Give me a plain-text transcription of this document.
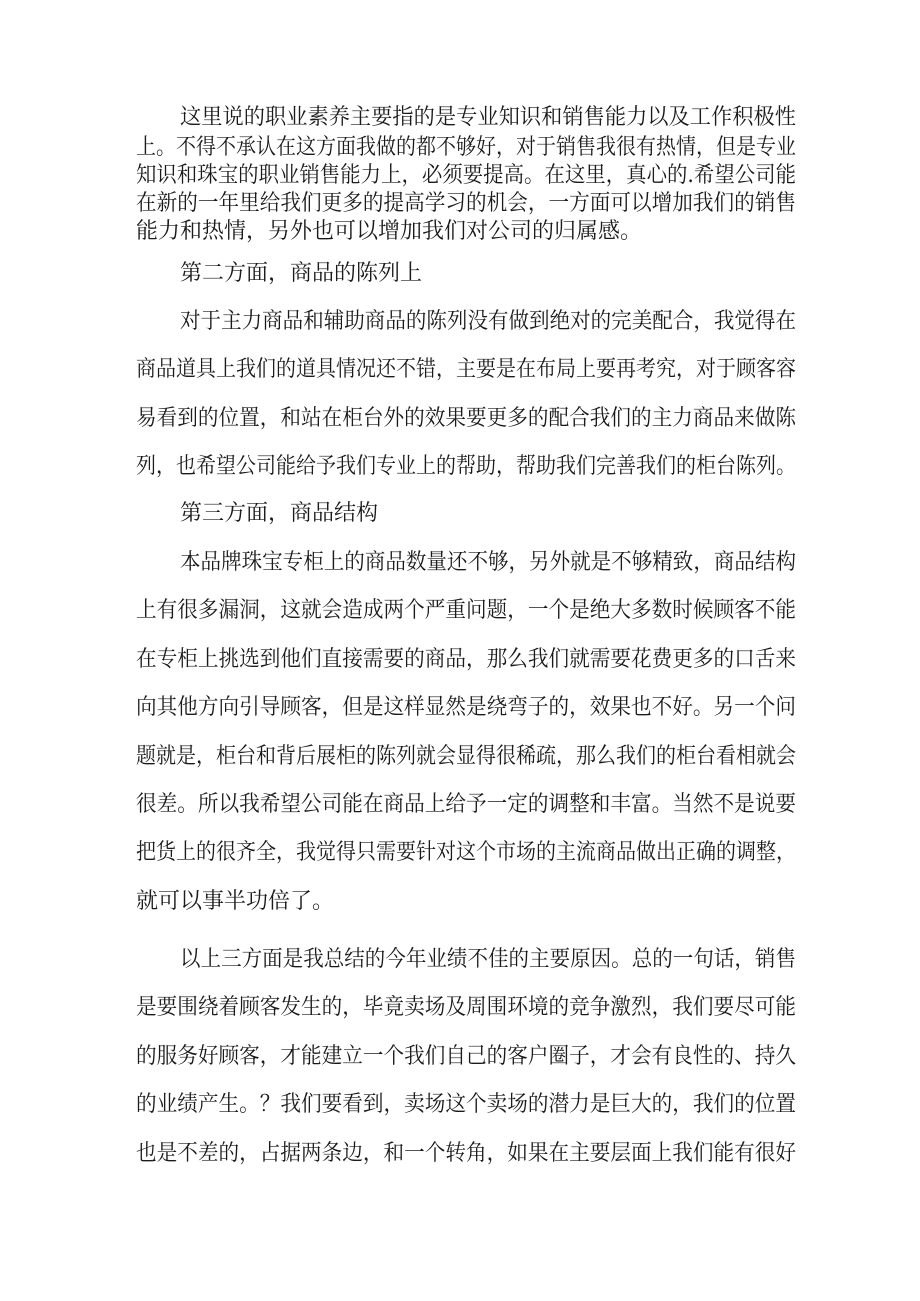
这里说的职业素养主要指的是专业知识和销售能力以及工作积极性
上。不得不承认在这方面我做的都不够好，对于销售我很有热情，但是专业
知识和珠宝的职业销售能力上，必须要提高。在这里，真心的.希望公司能
在新的一年里给我们更多的提高学习的机会，一方面可以增加我们的销售
能力和热情，另外也可以增加我们对公司的归属感。
第二方面，商品的陈列上
对于主力商品和辅助商品的陈列没有做到绝对的完美配合，我觉得在
商品道具上我们的道具情况还不错，主要是在布局上要再考究，对于顾客容
易看到的位置，和站在柜台外的效果要更多的配合我们的主力商品来做陈
列，也希望公司能给予我们专业上的帮助，帮助我们完善我们的柜台陈列。
第三方面，商品结构
本品牌珠宝专柜上的商品数量还不够，另外就是不够精致，商品结构
上有很多漏洞，这就会造成两个严重问题，一个是绝大多数时候顾客不能
在专柜上挑选到他们直接需要的商品，那么我们就需要花费更多的口舌来
向其他方向引导顾客，但是这样显然是绕弯子的，效果也不好。另一个问
题就是，柜台和背后展柜的陈列就会显得很稀疏，那么我们的柜台看相就会
很差。所以我希望公司能在商品上给予一定的调整和丰富。当然不是说要
把货上的很齐全，我觉得只需要针对这个市场的主流商品做出正确的调整，
就可以事半功倍了。
以上三方面是我总结的今年业绩不佳的主要原因。总的一句话，销售
是要围绕着顾客发生的，毕竟卖场及周围环境的竞争激烈，我们要尽可能
的服务好顾客，才能建立一个我们自己的客户圈子，才会有良性的、持久
的业绩产生。？我们要看到，卖场这个卖场的潜力是巨大的，我们的位置
也是不差的，占据两条边，和一个转角，如果在主要层面上我们能有很好
